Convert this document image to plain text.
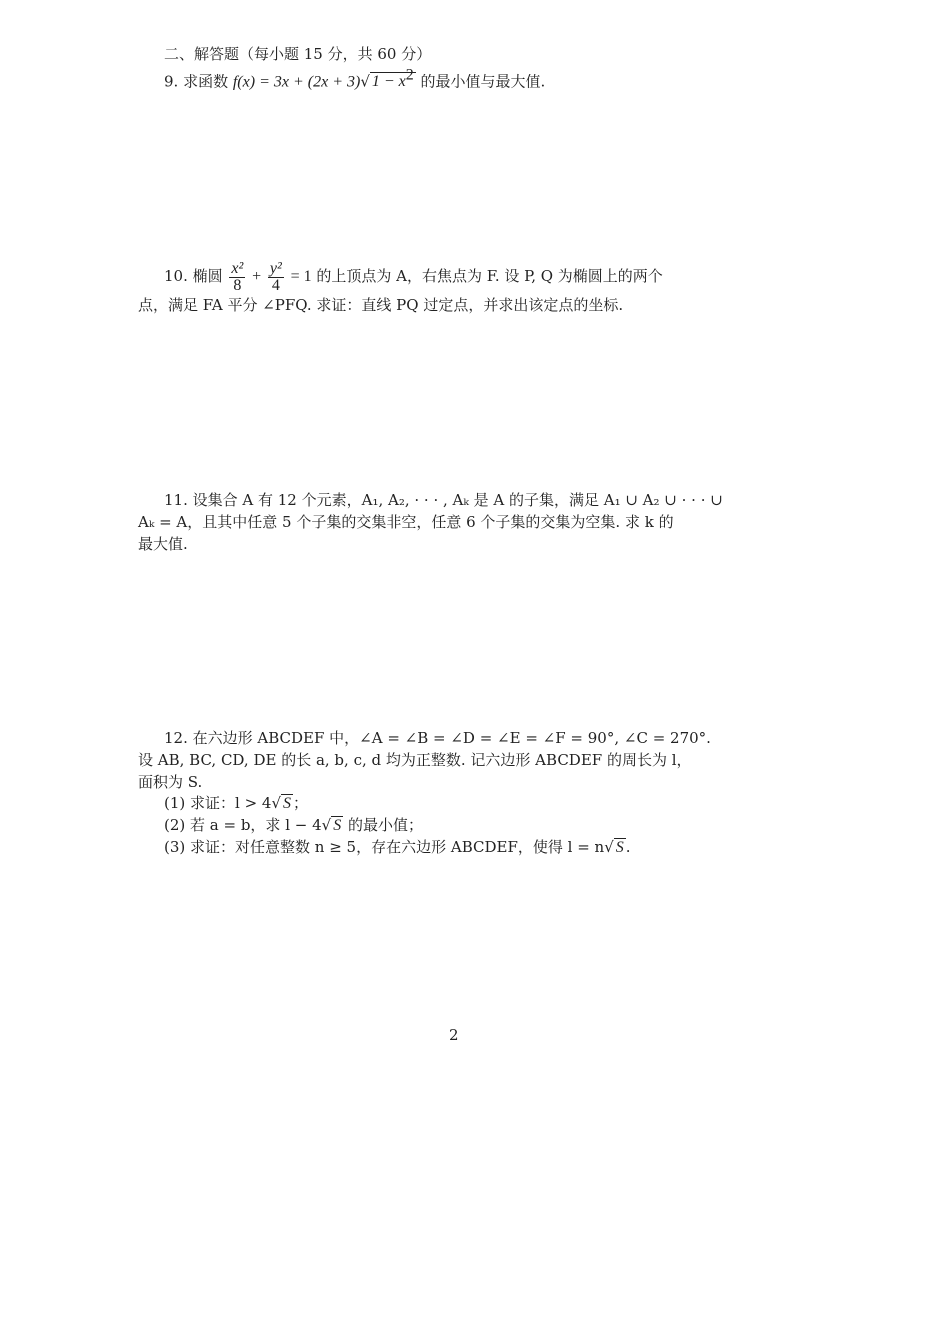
二、解答题（每小题 15 分，共 60 分）
9. 求函数 f(x) = 3x + (2x + 3)√ $1 - x^2$ 的最小值与最大值.
10. 椭圆 $\frac{\text{x²}}{8} + \frac{\text{y²}}{4} = 1$ 的上顶点为 A，右焦点为 F. 设 P, Q 为椭圆上的两个
点，满足 FA 平分 ∠PFQ. 求证：直线 PQ 过定点，并求出该定点的坐标.
11. 设集合 A 有 12 个元素，A₁, A₂, · · · , Aₖ 是 A 的子集，满足 A₁ ∪ A₂ ∪ · · · ∪
Aₖ = A，且其中任意 5 个子集的交集非空，任意 6 个子集的交集为空集. 求 k 的
最大值.
12. 在六边形 ABCDEF 中，∠A = ∠B = ∠D = ∠E = ∠F = 90°, ∠C = 270°.
设 AB, BC, CD, DE 的长 a, b, c, d 均为正整数. 记六边形 ABCDEF 的周长为 l，
面积为 S.
(1) 求证：l > 4√ S ；
(2) 若 a = b，求 l − 4√ S 的最小值；
(3) 求证：对任意整数 n ≥ 5，存在六边形 ABCDEF，使得 l = n√ S .
2
